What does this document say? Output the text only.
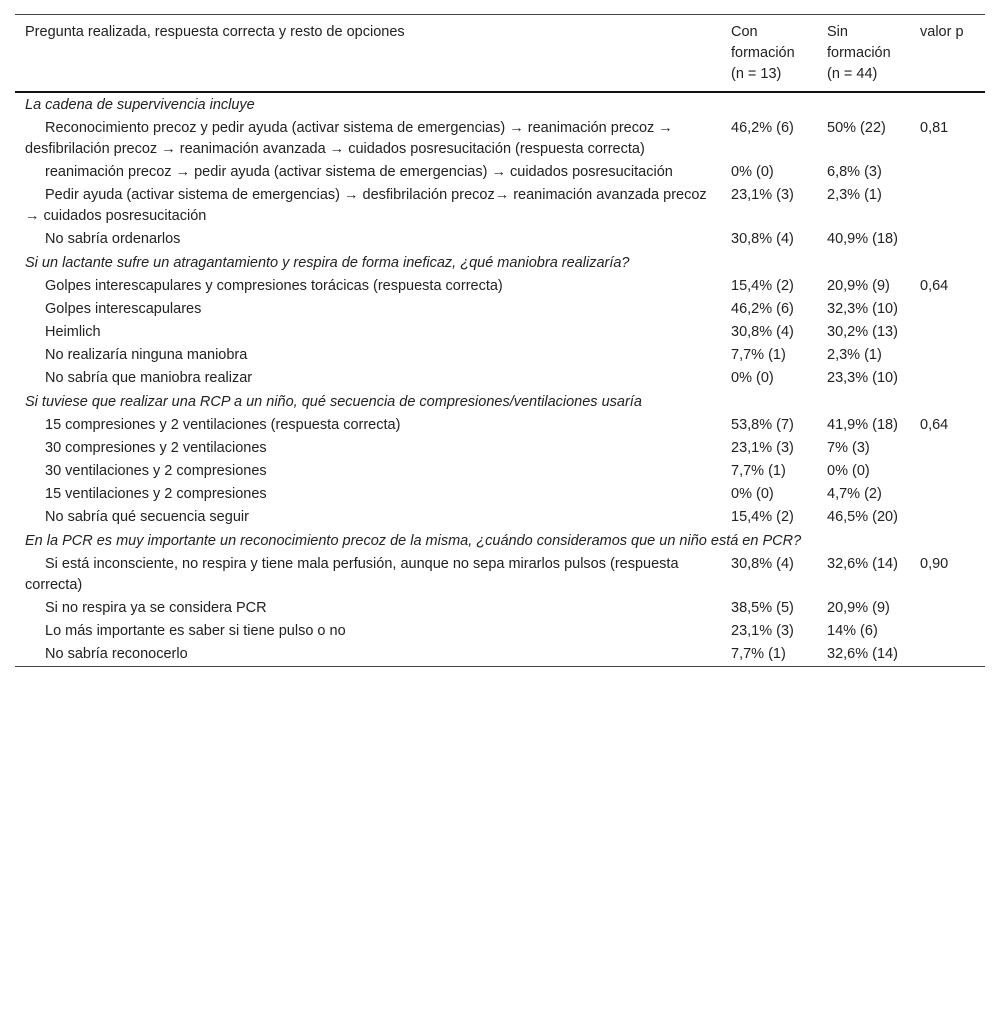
Pregunta realizada, respuesta correcta y resto de opciones	Con formación (n = 13)	Sin formación (n = 44)	valor p
La cadena de supervivencia incluye			
Reconocimiento precoz y pedir ayuda (activar sistema de emergencias) → reanimación precoz → desfibrilación precoz → reanimación avanzada → cuidados posresucitación (respuesta correcta)	46,2% (6)	50% (22)	0,81
reanimación precoz → pedir ayuda (activar sistema de emergencias) → cuidados posresucitación	0% (0)	6,8% (3)	
Pedir ayuda (activar sistema de emergencias) → desfibrilación precoz→ reanimación avanzada precoz → cuidados posresucitación	23,1% (3)	2,3% (1)	
No sabría ordenarlos	30,8% (4)	40,9% (18)	
Si un lactante sufre un atragantamiento y respira de forma ineficaz, ¿qué maniobra realizaría?			
Golpes interescapulares y compresiones torácicas (respuesta correcta)	15,4% (2)	20,9% (9)	0,64
Golpes interescapulares	46,2% (6)	32,3% (10)	
Heimlich	30,8% (4)	30,2% (13)	
No realizaría ninguna maniobra	7,7% (1)	2,3% (1)	
No sabría que maniobra realizar	0% (0)	23,3% (10)	
Si tuviese que realizar una RCP a un niño, qué secuencia de compresiones/ventilaciones usaría			
15 compresiones y 2 ventilaciones (respuesta correcta)	53,8% (7)	41,9% (18)	0,64
30 compresiones y 2 ventilaciones	23,1% (3)	7% (3)	
30 ventilaciones y 2 compresiones	7,7% (1)	0% (0)	
15 ventilaciones y 2 compresiones	0% (0)	4,7% (2)	
No sabría qué secuencia seguir	15,4% (2)	46,5% (20)	
En la PCR es muy importante un reconocimiento precoz de la misma, ¿cuándo consideramos que un niño está en PCR?			
Si está inconsciente, no respira y tiene mala perfusión, aunque no sepa mirarlos pulsos (respuesta correcta)	30,8% (4)	32,6% (14)	0,90
Si no respira ya se considera PCR	38,5% (5)	20,9% (9)	
Lo más importante es saber si tiene pulso o no	23,1% (3)	14% (6)	
No sabría reconocerlo	7,7% (1)	32,6% (14)	
